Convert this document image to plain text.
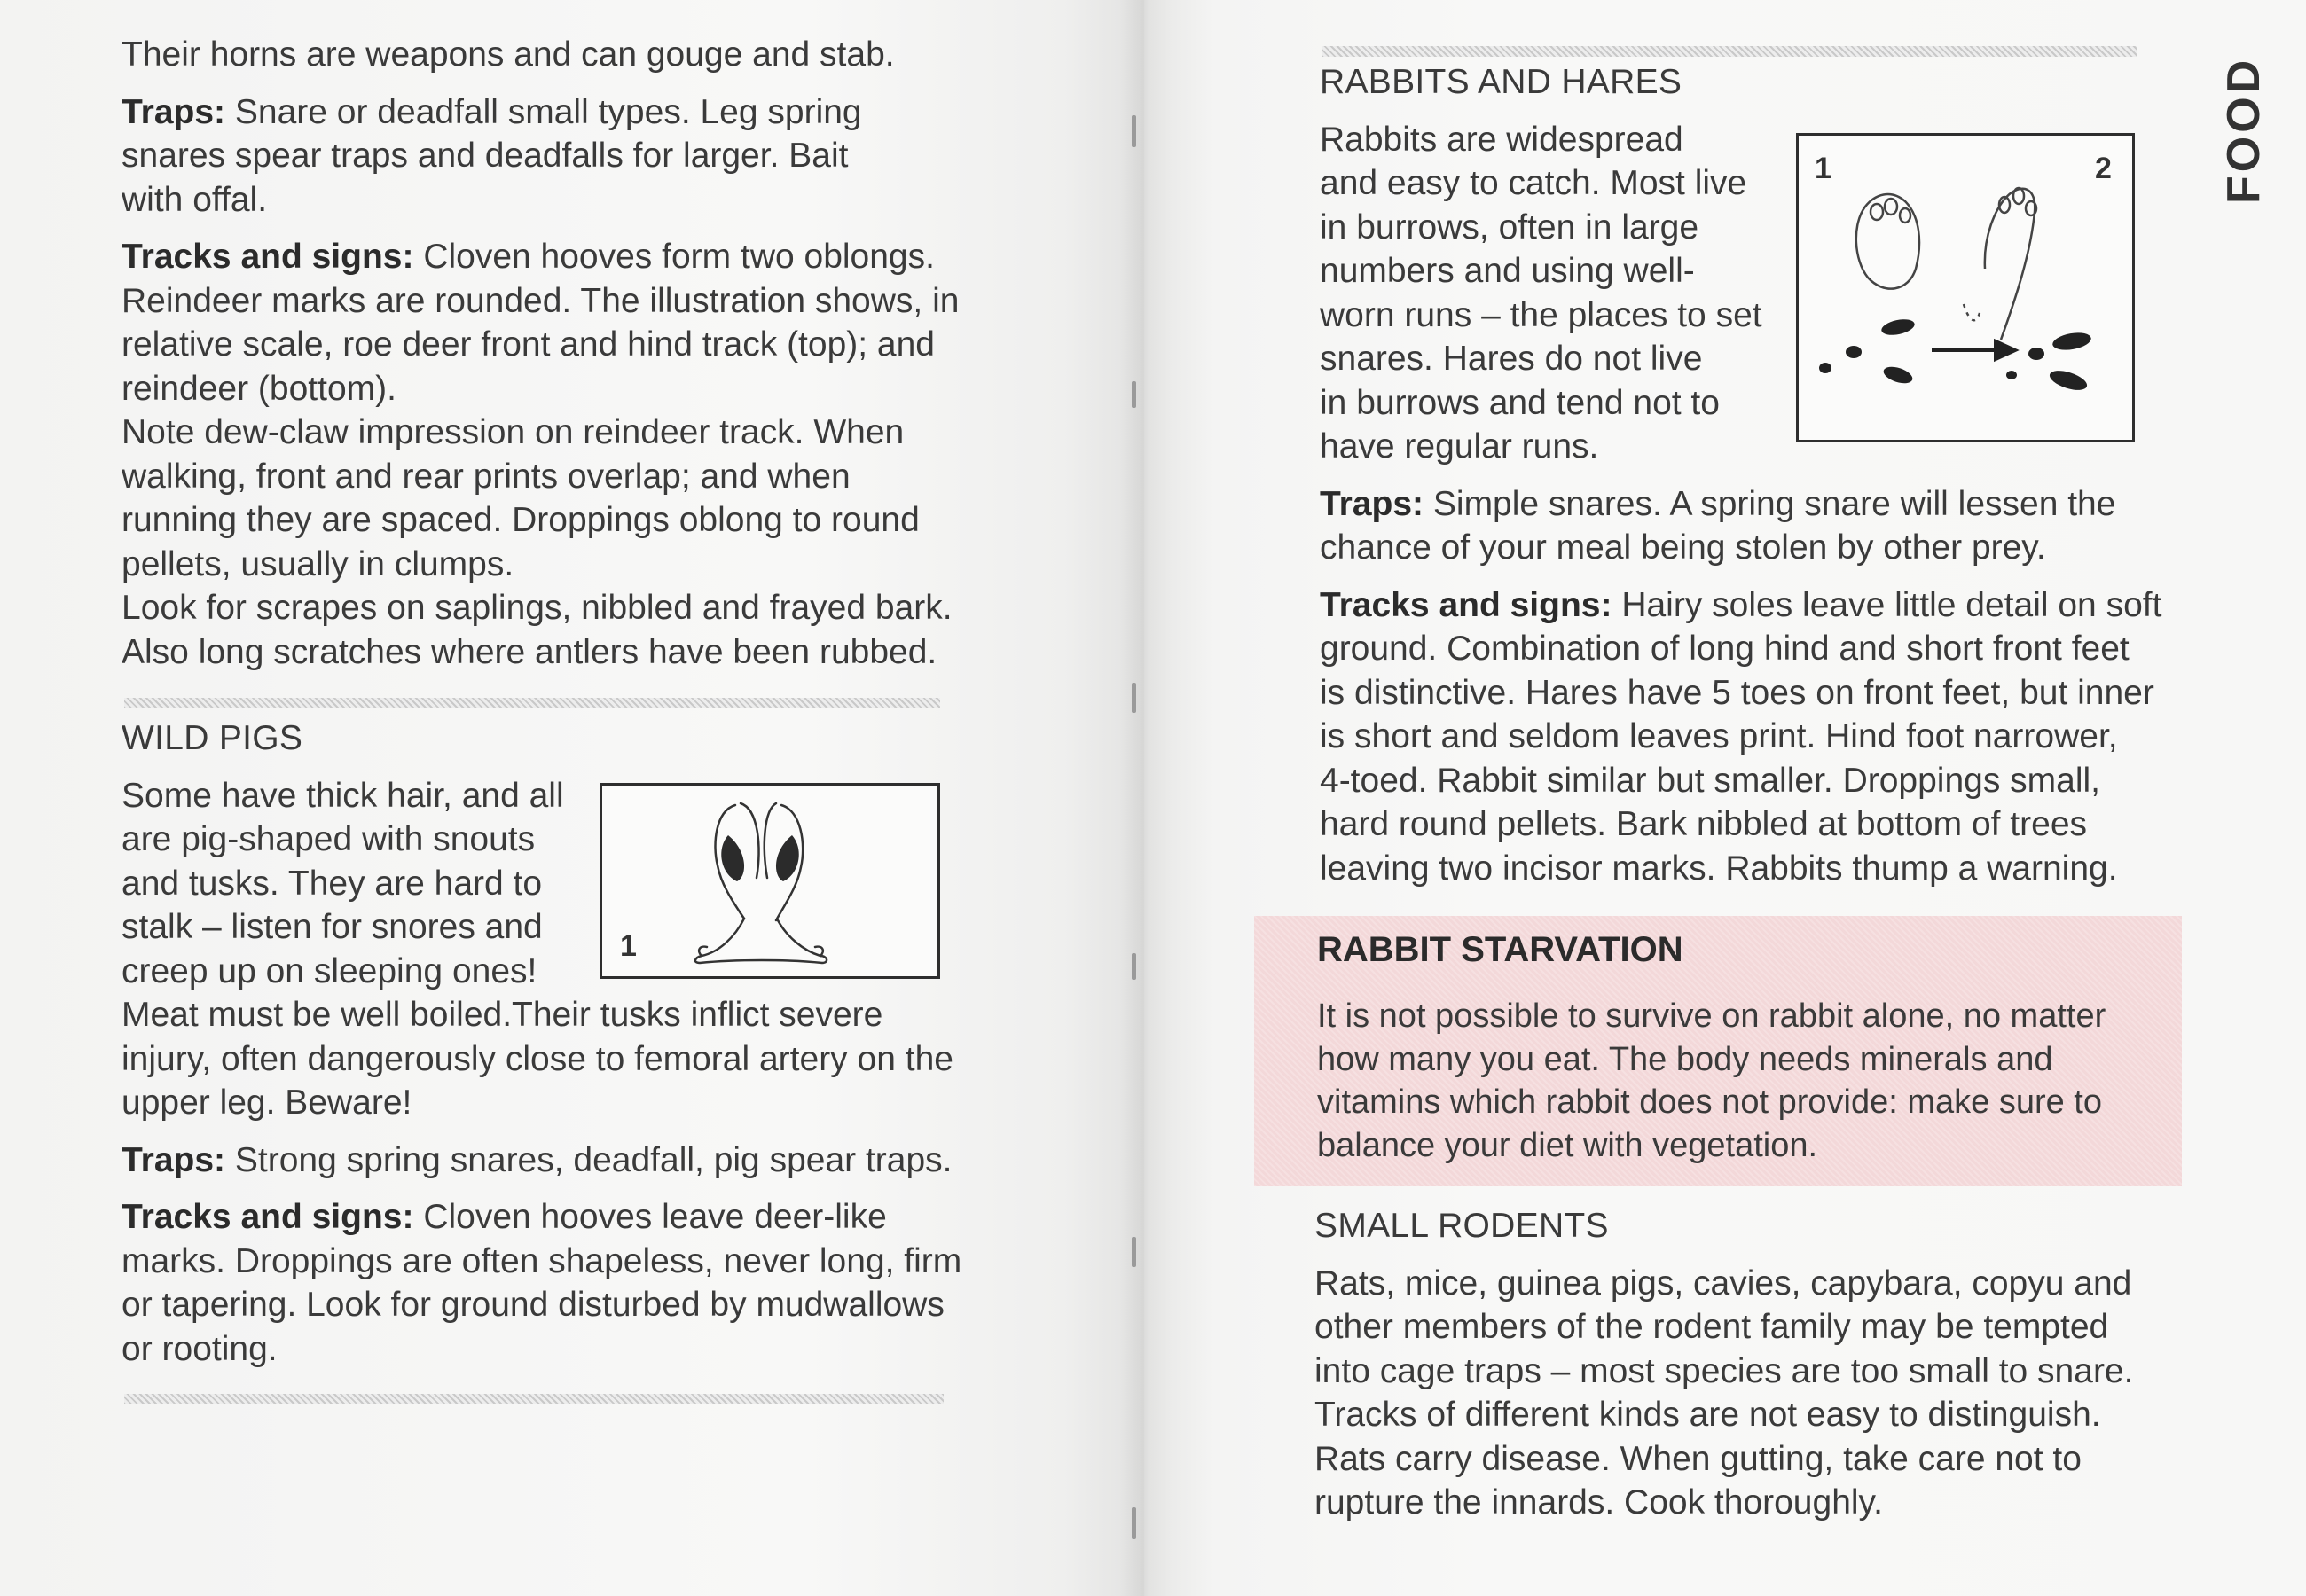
FOOD

Their horns are weapons and can gouge and stab.

Traps: Snare or deadfall small types. Leg spring
snares spear traps and deadfalls for larger. Bait
with offal.

Tracks and signs: Cloven hooves form two oblongs.
Reindeer marks are rounded. The illustration shows, in
relative scale, roe deer front and hind track (top); and
reindeer (bottom).
Note dew-claw impression on reindeer track. When
walking, front and rear prints overlap; and when
running they are spaced. Droppings oblong to round
pellets, usually in clumps.
Look for scrapes on saplings, nibbled and frayed bark.
Also long scratches where antlers have been rubbed.

WILD PIGS

Some have thick hair, and all
are pig-shaped with snouts
and tusks. They are hard to
stalk – listen for snores and
creep up on sleeping ones!
Meat must be well boiled.Their tusks inflict severe
injury, often dangerously close to femoral artery on the
upper leg. Beware!

Traps: Strong spring snares, deadfall, pig spear traps.

Tracks and signs: Cloven hooves leave deer-like
marks. Droppings are often shapeless, never long, firm
or tapering. Look for ground disturbed by mudwallows
or rooting.

1

RABBITS AND HARES

Rabbits are widespread
and easy to catch. Most live
in burrows, often in large
numbers and using well-
worn runs – the places to set
snares. Hares do not live
in burrows and tend not to
have regular runs.

Traps: Simple snares. A spring snare will lessen the
chance of your meal being stolen by other prey.

Tracks and signs: Hairy soles leave little detail on soft
ground. Combination of long hind and short front feet
is distinctive. Hares have 5 toes on front feet, but inner
is short and seldom leaves print. Hind foot narrower,
4-toed. Rabbit similar but smaller. Droppings small,
hard round pellets. Bark nibbled at bottom of trees
leaving two incisor marks. Rabbits thump a warning.

1	2
RABBIT STARVATION
It is not possible to survive on rabbit alone, no matter
how many you eat. The body needs minerals and
vitamins which rabbit does not provide: make sure to
balance your diet with vegetation.

SMALL RODENTS

Rats, mice, guinea pigs, cavies, capybara, copyu and
other members of the rodent family may be tempted
into cage traps – most species are too small to snare.
Tracks of different kinds are not easy to distinguish.
Rats carry disease. When gutting, take care not to
rupture the innards. Cook thoroughly.
